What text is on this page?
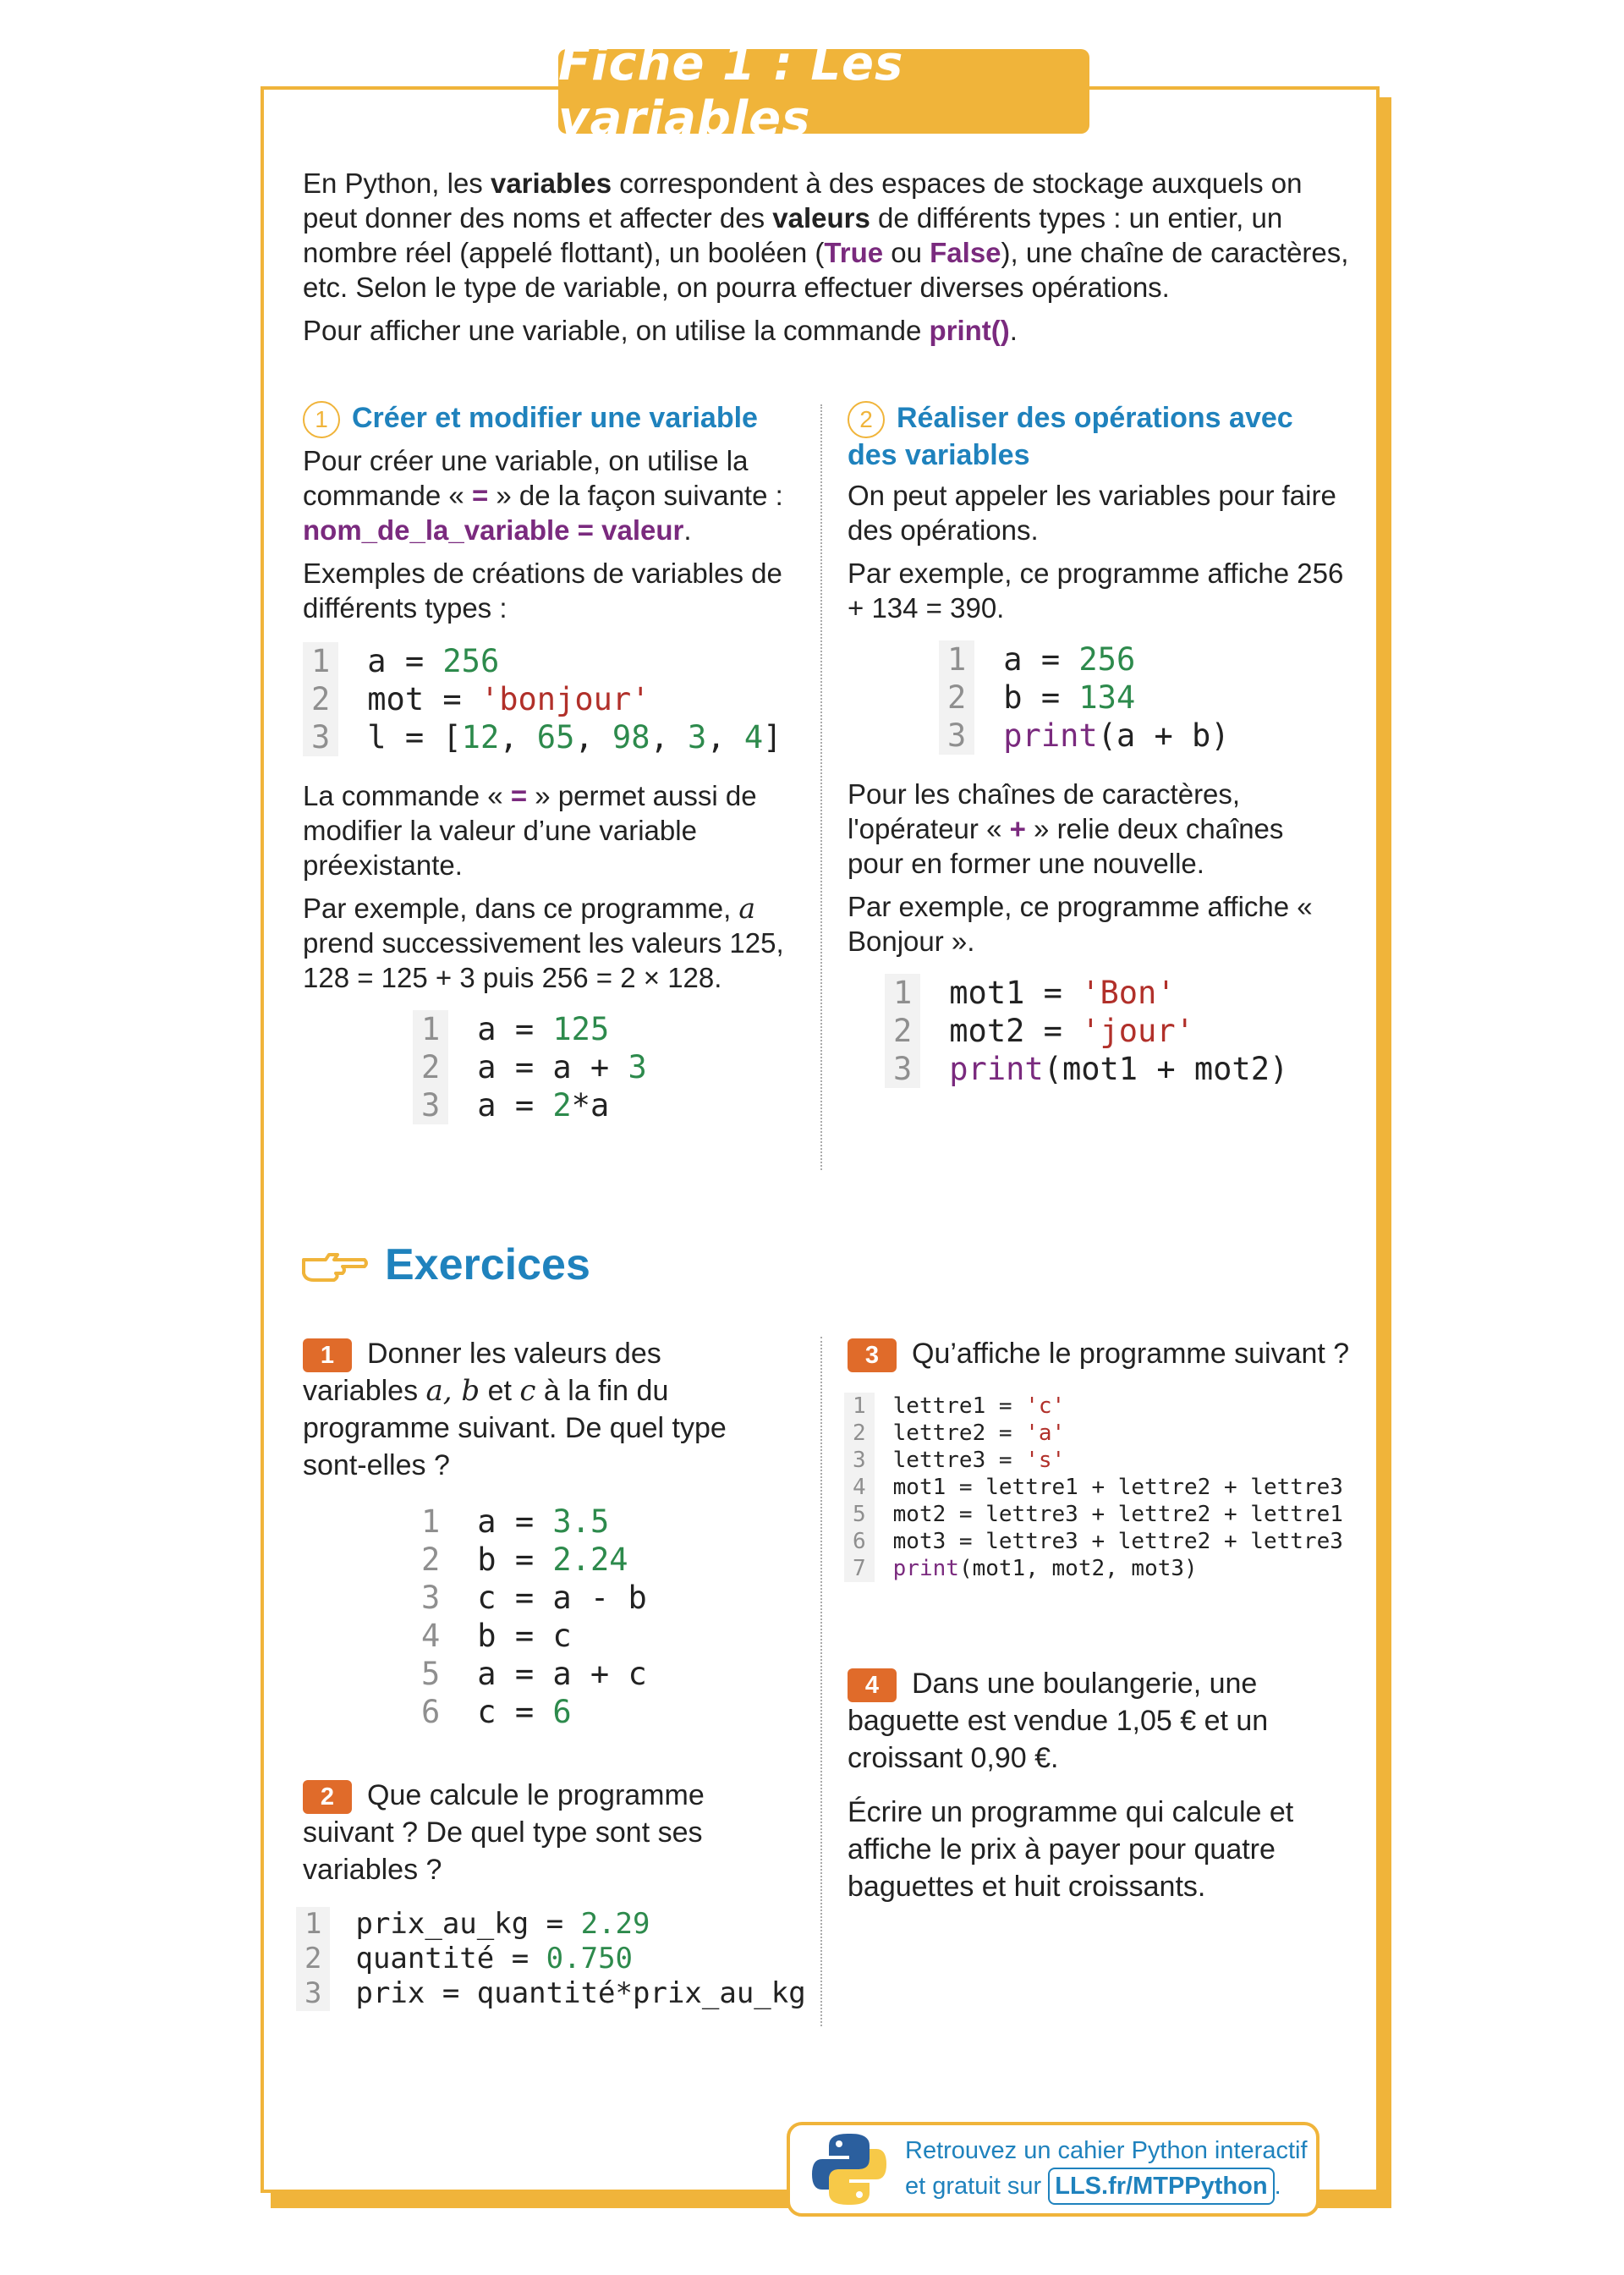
Fiche 1 : Les variables

En Python, les variables correspondent à des espaces de stockage auxquels on peut donner des noms et affecter des valeurs de différents types : un entier, un nombre réel (appelé flottant), un booléen (True ou False), une chaîne de caractères, etc. Selon le type de variable, on pourra effectuer diverses opérations.

Pour afficher une variable, on utilise la commande print().

1 Créer et modifier une variable

Pour créer une variable, on utilise la commande « = » de la façon suivante :
nom_de_la_variable = valeur.

Exemples de créations de variables de différents types :

1
2
3
a = 256
mot = 'bonjour'
l = [12, 65, 98, 3, 4]

La commande « = » permet aussi de modifier la valeur d’une variable préexistante.

Par exemple, dans ce programme, a prend successivement les valeurs 125, 128 = 125 + 3 puis 256 = 2 × 128.

1
2
3
a = 125
a = a + 3
a = 2*a
2 Réaliser des opérations avec des variables

On peut appeler les variables pour faire des opérations.

Par exemple, ce programme affiche 256 + 134 = 390.

1
2
3
a = 256
b = 134
print(a + b)

Pour les chaînes de caractères, l'opérateur « + » relie deux chaînes pour en former une nouvelle.

Par exemple, ce programme affiche « Bonjour ».

1
2
3
mot1 = 'Bon'
mot2 = 'jour'
print(mot1 + mot2)
Exercices

1 Donner les valeurs des variables a, b et c à la fin du programme suivant. De quel type sont-elles ?

1
2
3
4
5
6
a = 3.5
b = 2.24
c = a - b
b = c
a = a + c
c = 6

2 Que calcule le programme suivant ? De quel type sont ses variables ?

1
2
3
prix_au_kg = 2.29
quantité = 0.750
prix = quantité*prix_au_kg

3 Qu’affiche le programme suivant ?

1
2
3
4
5
6
7
lettre1 = 'c'
lettre2 = 'a'
lettre3 = 's'
mot1 = lettre1 + lettre2 + lettre3
mot2 = lettre3 + lettre2 + lettre1
mot3 = lettre3 + lettre2 + lettre3
print(mot1, mot2, mot3)

4 Dans une boulangerie, une baguette est vendue 1,05 € et un croissant 0,90 €.

Écrire un programme qui calcule et affiche le prix à payer pour quatre baguettes et huit croissants.

Retrouvez un cahier Python interactif
et gratuit sur LLS.fr/MTPPython .
